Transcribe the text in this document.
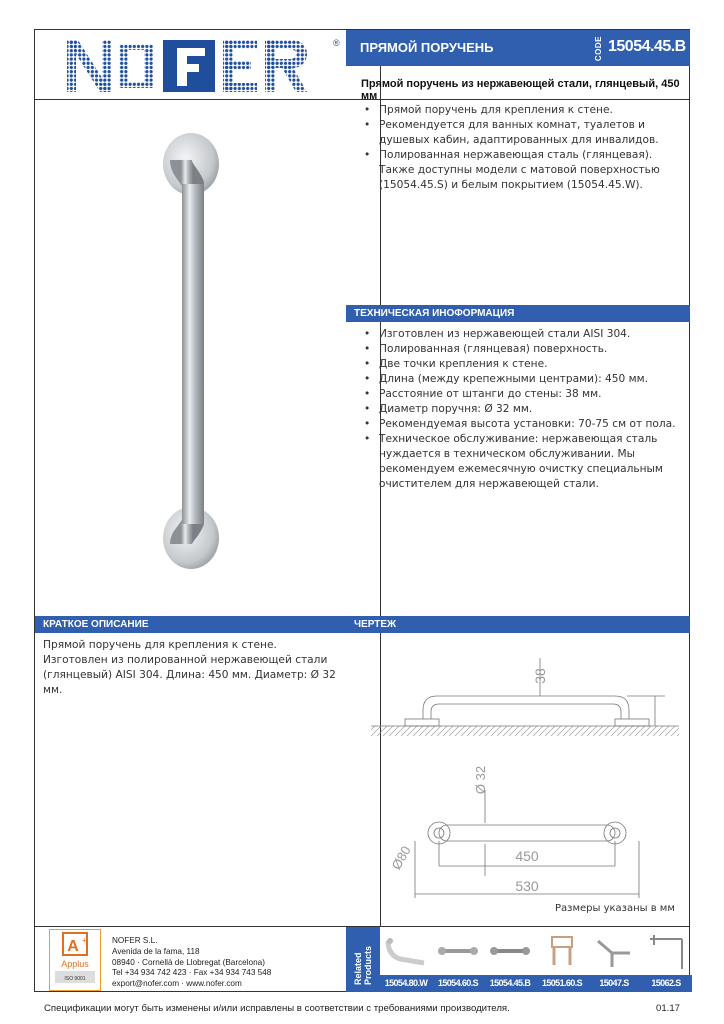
® ПРЯМОЙ ПОРУЧЕНЬ	CODE 15054.45.B
Прямой поручень из нержавеющей стали, глянцевый, 450 мм
• Прямой поручень для крепления к стене.
• Рекомендуется для ванных комнат, туалетов и душевых кабин, адаптированных для инвалидов.
• Полированная нержавеющая сталь (глянцевая). Также доступны модели с матовой поверхностью (15054.45.S) и белым покрытием (15054.45.W).
ТЕХНИЧЕСКАЯ ИНОФОРМАЦИЯ
• Изготовлен из нержавеющей стали AISI 304.
• Полированная (глянцевая) поверхность.
• Две точки крепления к стене.
• Длина (между крепежными центрами): 450 мм.
• Расстояние от штанги до стены: 38 мм.
• Диаметр поручня: Ø 32 мм.
• Рекомендуемая высота установки: 70-75 см от пола.
• Техническое обслуживание: нержавеющая сталь нуждается в техническом обслуживании. Мы рекомендуем ежемесячную очистку специальным очистителем для нержавеющей стали.
КРАТКОЕ ОПИСАНИЕ
Прямой поручень для крепления к стене. Изготовлен из полированной нержавеющей стали (глянцевый) AISI 304. Длина: 450 мм. Диаметр: Ø 32 мм.
ЧЕРТЕЖ
38
Ø 32
Ø80	450
530
Размеры указаны в мм
A +
Applus
ISO 9001
NOFER S.L.
Avenida de la fama, 118
08940 · Cornellà de Llobregat (Barcelona)
Tel +34 934 742 423 · Fax +34 934 743 548
export@nofer.com · www.nofer.com	Related
Products	15054.80.W	15054.60.S	15054.45.B	15051.60.S	15047.S	15062.S
Спецификации могут быть изменены и/или исправлены в соответствии с требованиями производителя.	01.17
